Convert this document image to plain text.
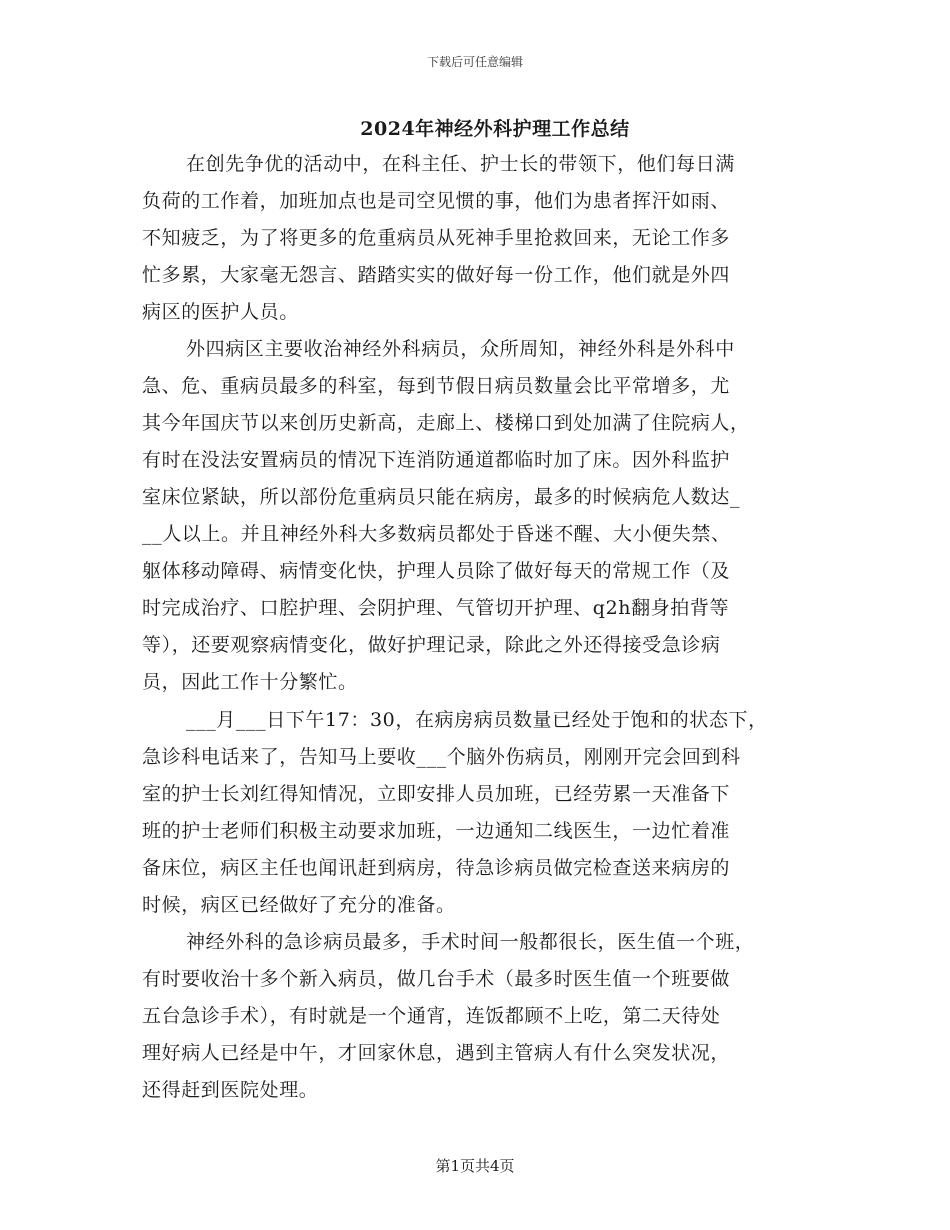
下载后可任意编辑
2024年神经外科护理工作总结
在创先争优的活动中，在科主任、护士长的带领下，他们每日满
负荷的工作着，加班加点也是司空见惯的事，他们为患者挥汗如雨、
不知疲乏，为了将更多的危重病员从死神手里抢救回来，无论工作多
忙多累，大家毫无怨言、踏踏实实的做好每一份工作，他们就是外四
病区的医护人员。
外四病区主要收治神经外科病员，众所周知，神经外科是外科中
急、危、重病员最多的科室，每到节假日病员数量会比平常增多，尤
其今年国庆节以来创历史新高，走廊上、楼梯口到处加满了住院病人，
有时在没法安置病员的情况下连消防通道都临时加了床。因外科监护
室床位紧缺，所以部份危重病员只能在病房，最多的时候病危人数达_
__人以上。并且神经外科大多数病员都处于昏迷不醒、大小便失禁、
躯体移动障碍、病情变化快，护理人员除了做好每天的常规工作（及
时完成治疗、口腔护理、会阴护理、气管切开护理、q2h翻身拍背等
等），还要观察病情变化，做好护理记录，除此之外还得接受急诊病
员，因此工作十分繁忙。
___月___日下午17：30，在病房病员数量已经处于饱和的状态下，
急诊科电话来了，告知马上要收___个脑外伤病员，刚刚开完会回到科
室的护士长刘红得知情况，立即安排人员加班，已经劳累一天准备下
班的护士老师们积极主动要求加班，一边通知二线医生，一边忙着准
备床位，病区主任也闻讯赶到病房，待急诊病员做完检查送来病房的
时候，病区已经做好了充分的准备。
神经外科的急诊病员最多，手术时间一般都很长，医生值一个班，
有时要收治十多个新入病员，做几台手术（最多时医生值一个班要做
五台急诊手术），有时就是一个通宵，连饭都顾不上吃，第二天待处
理好病人已经是中午，才回家休息，遇到主管病人有什么突发状况，
还得赶到医院处理。
第1页共4页
